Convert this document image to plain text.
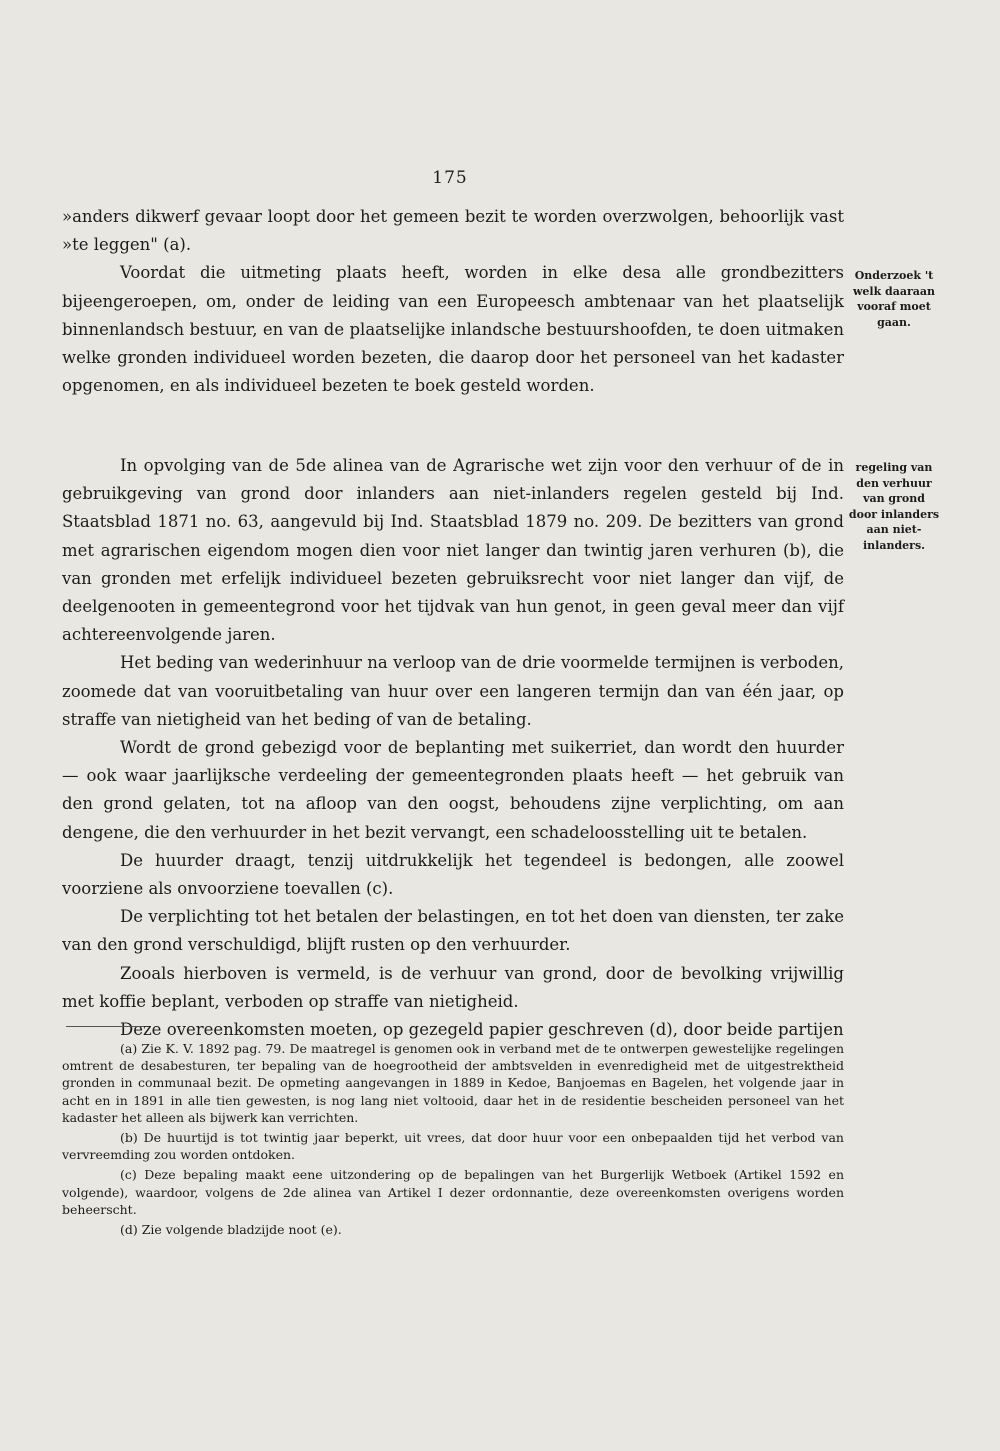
175

»anders dikwerf gevaar loopt door het gemeen bezit te worden overzwolgen, behoorlijk vast »te leggen" (a).

Voordat die uitmeting plaats heeft, worden in elke desa alle grondbezitters bijeengeroepen, om, onder de leiding van een Europeesch ambtenaar van het plaatselijk binnenlandsch bestuur, en van de plaatselijke inlandsche bestuurshoofden, te doen uitmaken welke gronden individueel worden bezeten, die daarop door het personeel van het kadaster opgenomen, en als individueel bezeten te boek gesteld worden.

Onderzoek 't welk daaraan vooraf moet gaan.

In opvolging van de 5de alinea van de Agrarische wet zijn voor den verhuur of de in gebruikgeving van grond door inlanders aan niet-inlanders regelen gesteld bij Ind. Staatsblad 1871 no. 63, aangevuld bij Ind. Staatsblad 1879 no. 209. De bezitters van grond met agrarischen eigendom mogen dien voor niet langer dan twintig jaren verhuren (b), die van gronden met erfelijk individueel bezeten gebruiksrecht voor niet langer dan vijf, de deelgenooten in gemeentegrond voor het tijdvak van hun genot, in geen geval meer dan vijf achtereenvolgende jaren.

Het beding van wederinhuur na verloop van de drie voormelde termijnen is verboden, zoomede dat van vooruitbetaling van huur over een langeren termijn dan van één jaar, op straffe van nietigheid van het beding of van de betaling.

Wordt de grond gebezigd voor de beplanting met suikerriet, dan wordt den huurder — ook waar jaarlijksche verdeeling der gemeentegronden plaats heeft — het gebruik van den grond gelaten, tot na afloop van den oogst, behoudens zijne verplichting, om aan dengene, die den verhuurder in het bezit vervangt, een schadeloosstelling uit te betalen.

De huurder draagt, tenzij uitdrukkelijk het tegendeel is bedongen, alle zoowel voorziene als onvoorziene toevallen (c).

De verplichting tot het betalen der belastingen, en tot het doen van diensten, ter zake van den grond verschuldigd, blijft rusten op den verhuurder.

Zooals hierboven is vermeld, is de verhuur van grond, door de bevolking vrijwillig met koffie beplant, verboden op straffe van nietigheid.

Deze overeenkomsten moeten, op gezegeld papier geschreven (d), door beide partijen

regeling van den verhuur van grond door inlanders aan niet-inlanders.

(a) Zie K. V. 1892 pag. 79. De maatregel is genomen ook in verband met de te ontwerpen gewestelijke regelingen omtrent de desabesturen, ter bepaling van de hoegrootheid der ambtsvelden in evenredigheid met de uitgestrektheid gronden in communaal bezit. De opmeting aangevangen in 1889 in Kedoe, Banjoemas en Bagelen, het volgende jaar in acht en in 1891 in alle tien gewesten, is nog lang niet voltooid, daar het in de residentie bescheiden personeel van het kadaster het alleen als bijwerk kan verrichten.

(b) De huurtijd is tot twintig jaar beperkt, uit vrees, dat door huur voor een onbepaalden tijd het verbod van vervreemding zou worden ontdoken.

(c) Deze bepaling maakt eene uitzondering op de bepalingen van het Burgerlijk Wetboek (Artikel 1592 en volgende), waardoor, volgens de 2de alinea van Artikel I dezer ordonnantie, deze overeenkomsten overigens worden beheerscht.

(d) Zie volgende bladzijde noot (e).
